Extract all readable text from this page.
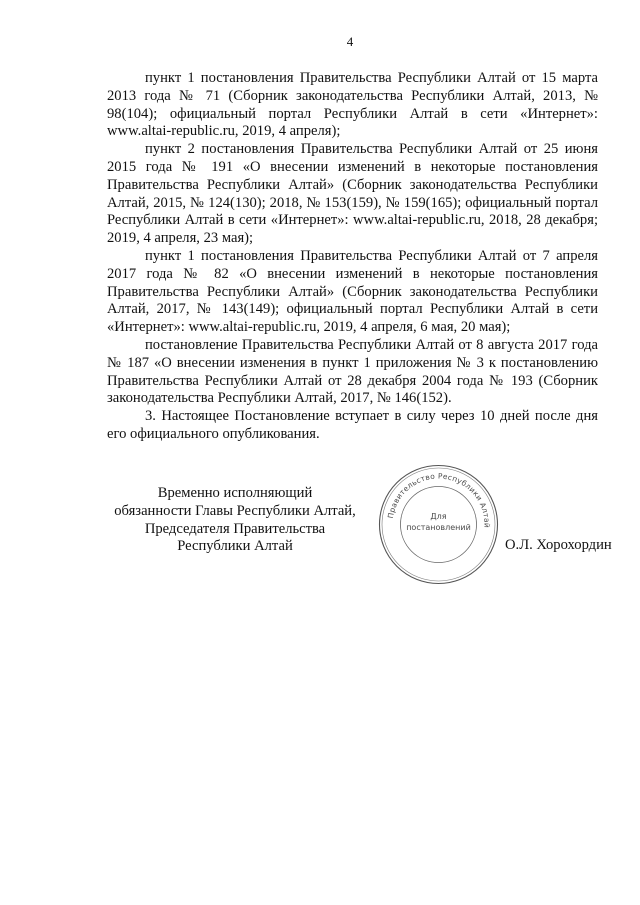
4

пункт 1 постановления Правительства Республики Алтай от 15 марта 2013 года № 71 (Сборник законодательства Республики Алтай, 2013, № 98(104); официальный портал Республики Алтай в сети «Интернет»: www.altai-republic.ru, 2019, 4 апреля);

пункт 2 постановления Правительства Республики Алтай от 25 июня 2015 года № 191 «О внесении изменений в некоторые постановления Правительства Республики Алтай» (Сборник законодательства Республики Алтай, 2015, № 124(130); 2018, № 153(159), № 159(165); официальный портал Республики Алтай в сети «Интернет»: www.altai-republic.ru, 2018, 28 декабря; 2019, 4 апреля, 23 мая);

пункт 1 постановления Правительства Республики Алтай от 7 апреля 2017 года № 82 «О внесении изменений в некоторые постановления Правительства Республики Алтай» (Сборник законодательства Республики Алтай, 2017, № 143(149); официальный портал Республики Алтай в сети «Интернет»: www.altai-republic.ru, 2019, 4 апреля, 6 мая, 20 мая);

постановление Правительства Республики Алтай от 8 августа 2017 года № 187 «О внесении изменения в пункт 1 приложения № 3 к постановлению Правительства Республики Алтай от 28 декабря 2004 года № 193 (Сборник законодательства Республики Алтай, 2017, № 146(152).

3. Настоящее Постановление вступает в силу через 10 дней после дня его официального опубликования.

Временно исполняющий
обязанности Главы Республики Алтай,
Председателя Правительства
Республики Алтай
Правительство Республики Алтай
Для
постановлений
О.Л. Хорохордин
